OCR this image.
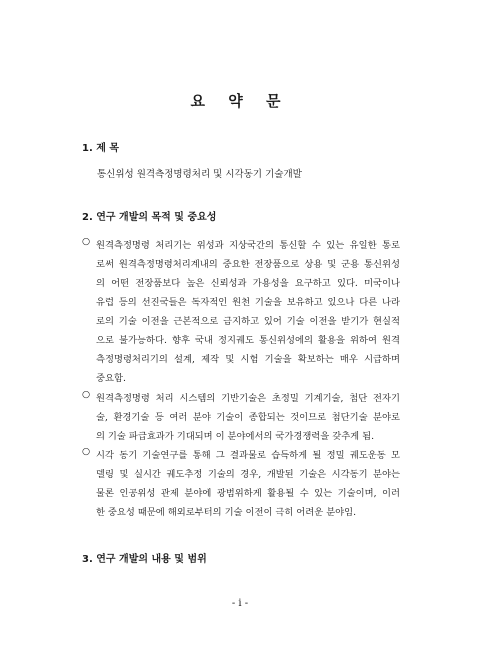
요 약 문
1. 제 목
통신위성 원격측정명령처리 및 시각동기 기술개발
2. 연구 개발의 목적 및 중요성
○ 원격측정명령 처리기는 위성과 지상국간의 통신할 수 있는 유일한 통로
로써 원격측정명령처리계내의 중요한 전장품으로 상용 및 군용 통신위성
의 어떤 전장품보다 높은 신뢰성과 가용성을 요구하고 있다. 미국이나
유럽 등의 선진국들은 독자적인 원천 기술을 보유하고 있으나 다른 나라
로의 기술 이전을 근본적으로 금지하고 있어 기술 이전을 받기가 현실적
으로 불가능하다. 향후 국내 정지궤도 통신위성에의 활용을 위하여 원격
측정명령처리기의 설계, 제작 및 시험 기술을 확보하는 매우 시급하며
중요함.
○ 원격측정명령 처리 시스템의 기반기술은 초정밀 기계기술, 첨단 전자기
술, 환경기술 등 여러 분야 기술이 종합되는 것이므로 첨단기술 분야로
의 기술 파급효과가 기대되며 이 분야에서의 국가경쟁력을 갖추게 됨.
○ 시각 동기 기술연구를 통해 그 결과물로 습득하게 될 정밀 궤도운동 모
델링 및 실시간 궤도추정 기술의 경우, 개발된 기술은 시각동기 분야는
물론 인공위성 관제 분야에 광범위하게 활용될 수 있는 기술이며, 이러
한 중요성 때문에 해외로부터의 기술 이전이 극히 어려운 분야임.
3. 연구 개발의 내용 및 범위
- i -
